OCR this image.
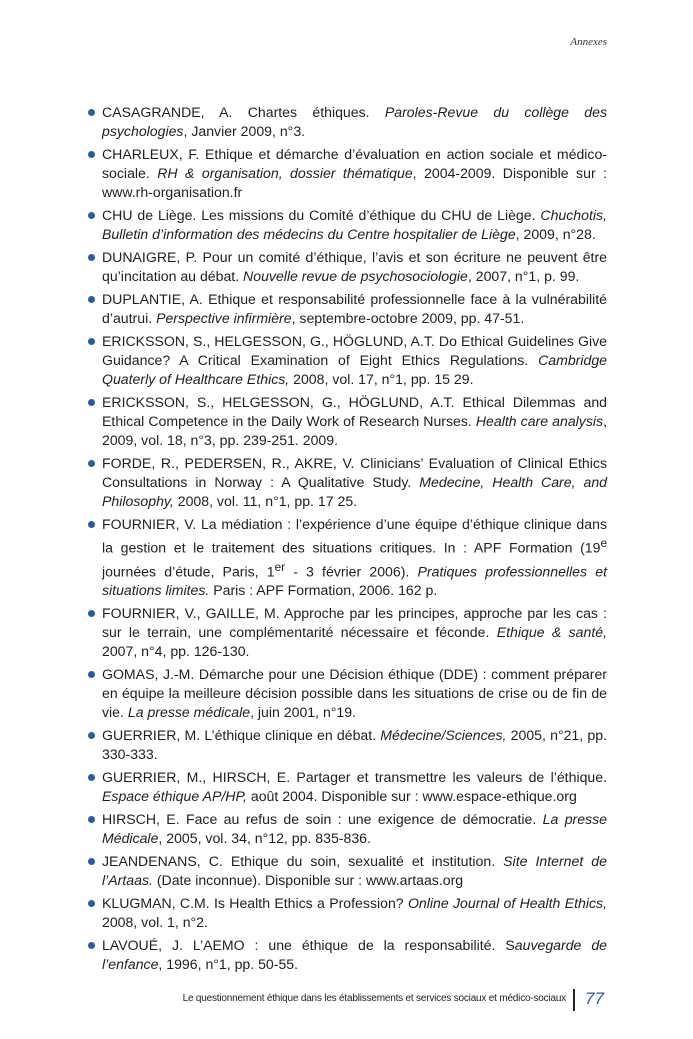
Annexes
CASAGRANDE, A. Chartes éthiques. Paroles-Revue du collège des psychologies, Janvier 2009, n°3.
CHARLEUX, F. Ethique et démarche d’évaluation en action sociale et médico-sociale. RH & organisation, dossier thématique, 2004-2009. Disponible sur : www.rh-organisation.fr
CHU de Liège. Les missions du Comité d’éthique du CHU de Liège. Chuchotis, Bulletin d’information des médecins du Centre hospitalier de Liège, 2009, n°28.
DUNAIGRE, P. Pour un comité d’éthique, l’avis et son écriture ne peuvent être qu’incitation au débat. Nouvelle revue de psychosociologie, 2007, n°1, p. 99.
DUPLANTIE, A. Ethique et responsabilité professionnelle face à la vulnérabilité d’autrui. Perspective infirmière, septembre-octobre 2009, pp. 47-51.
ERICKSSON, S., HELGESSON, G., HÖGLUND, A.T. Do Ethical Guidelines Give Guidance? A Critical Examination of Eight Ethics Regulations. Cambridge Quaterly of Healthcare Ethics, 2008, vol. 17, n°1, pp. 15 29.
ERICKSSON, S., HELGESSON, G., HÖGLUND, A.T. Ethical Dilemmas and Ethical Competence in the Daily Work of Research Nurses. Health care analysis, 2009, vol. 18, n°3, pp. 239-251. 2009.
FORDE, R., PEDERSEN, R., AKRE, V. Clinicians’ Evaluation of Clinical Ethics Consultations in Norway : A Qualitative Study. Medecine, Health Care, and Philosophy, 2008, vol. 11, n°1, pp. 17 25.
FOURNIER, V. La médiation : l’expérience d’une équipe d’éthique clinique dans la gestion et le traitement des situations critiques. In : APF Formation (19e journées d’étude, Paris, 1er - 3 février 2006). Pratiques professionnelles et situations limites. Paris : APF Formation, 2006. 162 p.
FOURNIER, V., GAILLE, M. Approche par les principes, approche par les cas : sur le terrain, une complémentarité nécessaire et féconde. Ethique & santé, 2007, n°4, pp. 126-130.
GOMAS, J.-M. Démarche pour une Décision éthique (DDE) : comment préparer en équipe la meilleure décision possible dans les situations de crise ou de fin de vie. La presse médicale, juin 2001, n°19.
GUERRIER, M. L’éthique clinique en débat. Médecine/Sciences, 2005, n°21, pp. 330-333.
GUERRIER, M., HIRSCH, E. Partager et transmettre les valeurs de l’éthique. Espace éthique AP/HP, août 2004. Disponible sur : www.espace-ethique.org
HIRSCH, E. Face au refus de soin : une exigence de démocratie. La presse Médicale, 2005, vol. 34, n°12, pp. 835-836.
JEANDENANS, C. Ethique du soin, sexualité et institution. Site Internet de l’Artaas. (Date inconnue). Disponible sur : www.artaas.org
KLUGMAN, C.M. Is Health Ethics a Profession? Online Journal of Health Ethics, 2008, vol. 1, n°2.
LAVOUÉ, J. L’AEMO : une éthique de la responsabilité. Sauvegarde de l’enfance, 1996, n°1, pp. 50-55.
Le questionnement éthique dans les établissements et services sociaux et médico-sociaux 77
